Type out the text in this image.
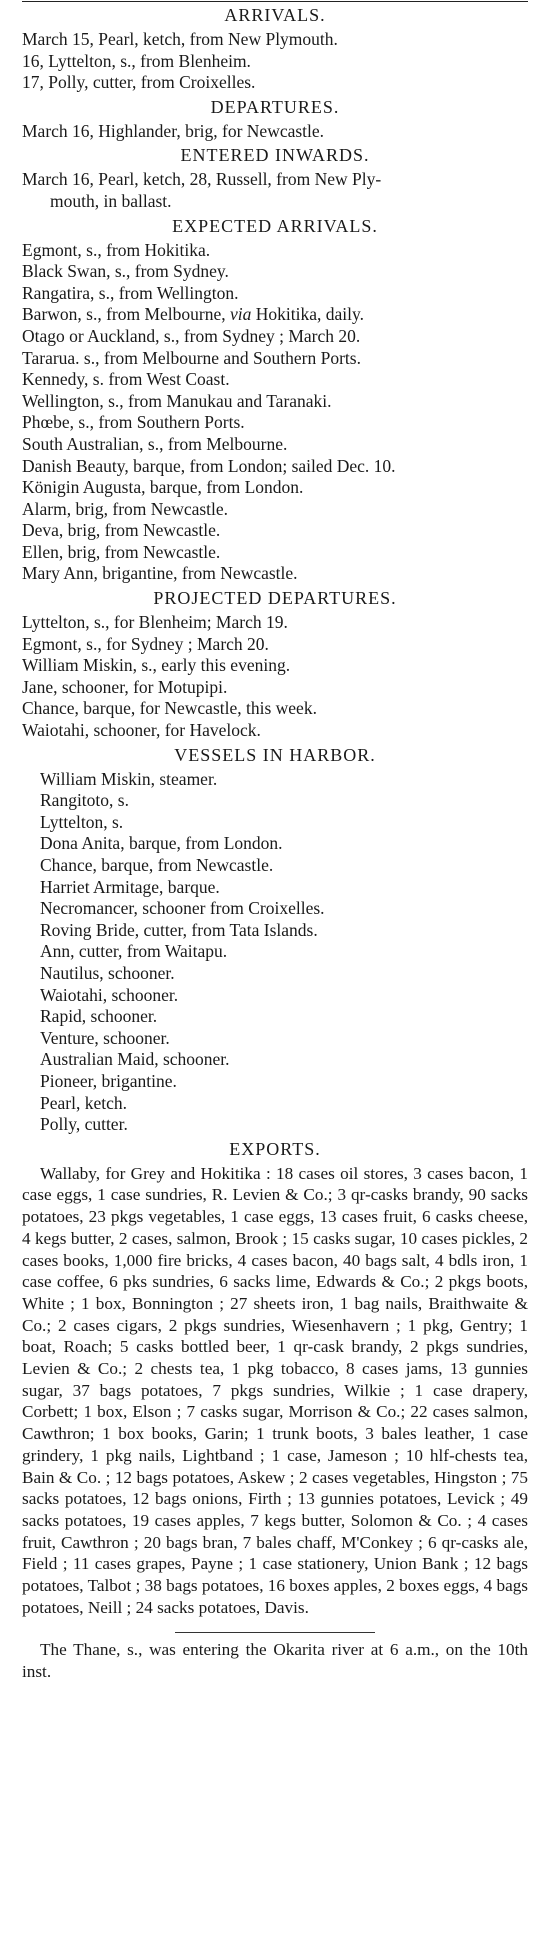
ARRIVALS.
March 15, Pearl, ketch, from New Plymouth.
16, Lyttelton, s., from Blenheim.
17, Polly, cutter, from Croixelles.
DEPARTURES.
March 16, Highlander, brig, for Newcastle.
ENTERED INWARDS.
March 16, Pearl, ketch, 28, Russell, from New Ply-
mouth, in ballast.
EXPECTED ARRIVALS.
Egmont, s., from Hokitika.
Black Swan, s., from Sydney.
Rangatira, s., from Wellington.
Barwon, s., from Melbourne, via Hokitika, daily.
Otago or Auckland, s., from Sydney ; March 20.
Tararua. s., from Melbourne and Southern Ports.
Kennedy, s. from West Coast.
Wellington, s., from Manukau and Taranaki.
Phœbe, s., from Southern Ports.
South Australian, s., from Melbourne.
Danish Beauty, barque, from London; sailed Dec. 10.
Königin Augusta, barque, from London.
Alarm, brig, from Newcastle.
Deva, brig, from Newcastle.
Ellen, brig, from Newcastle.
Mary Ann, brigantine, from Newcastle.
PROJECTED DEPARTURES.
Lyttelton, s., for Blenheim; March 19.
Egmont, s., for Sydney ; March 20.
William Miskin, s., early this evening.
Jane, schooner, for Motupipi.
Chance, barque, for Newcastle, this week.
Waiotahi, schooner, for Havelock.
VESSELS IN HARBOR.
William Miskin, steamer.
Rangitoto, s.
Lyttelton, s.
Dona Anita, barque, from London.
Chance, barque, from Newcastle.
Harriet Armitage, barque.
Necromancer, schooner from Croixelles.
Roving Bride, cutter, from Tata Islands.
Ann, cutter, from Waitapu.
Nautilus, schooner.
Waiotahi, schooner.
Rapid, schooner.
Venture, schooner.
Australian Maid, schooner.
Pioneer, brigantine.
Pearl, ketch.
Polly, cutter.
EXPORTS.

Wallaby, for Grey and Hokitika : 18 cases oil stores, 3 cases bacon, 1 case eggs, 1 case sundries, R. Levien & Co.; 3 qr-casks brandy, 90 sacks potatoes, 23 pkgs vegetables, 1 case eggs, 13 cases fruit, 6 casks cheese, 4 kegs butter, 2 cases, salmon, Brook ; 15 casks sugar, 10 cases pickles, 2 cases books, 1,000 fire bricks, 4 cases bacon, 40 bags salt, 4 bdls iron, 1 case coffee, 6 pks sundries, 6 sacks lime, Edwards & Co.; 2 pkgs boots, White ; 1 box, Bonnington ; 27 sheets iron, 1 bag nails, Braithwaite & Co.; 2 cases cigars, 2 pkgs sundries, Wiesenhavern ; 1 pkg, Gentry; 1 boat, Roach; 5 casks bottled beer, 1 qr-cask brandy, 2 pkgs sundries, Levien & Co.; 2 chests tea, 1 pkg tobacco, 8 cases jams, 13 gunnies sugar, 37 bags potatoes, 7 pkgs sundries, Wilkie ; 1 case drapery, Corbett; 1 box, Elson ; 7 casks sugar, Morrison & Co.; 22 cases salmon, Cawthron; 1 box books, Garin; 1 trunk boots, 3 bales leather, 1 case grindery, 1 pkg nails, Lightband ; 1 case, Jameson ; 10 hlf-chests tea, Bain & Co. ; 12 bags potatoes, Askew ; 2 cases vegetables, Hingston ; 75 sacks potatoes, 12 bags onions, Firth ; 13 gunnies potatoes, Levick ; 49 sacks potatoes, 19 cases apples, 7 kegs butter, Solomon & Co. ; 4 cases fruit, Cawthron ; 20 bags bran, 7 bales chaff, M'Conkey ; 6 qr-casks ale, Field ; 11 cases grapes, Payne ; 1 case stationery, Union Bank ; 12 bags potatoes, Talbot ; 38 bags potatoes, 16 boxes apples, 2 boxes eggs, 4 bags potatoes, Neill ; 24 sacks potatoes, Davis.

The Thane, s., was entering the Okarita river at 6 a.m., on the 10th inst.
